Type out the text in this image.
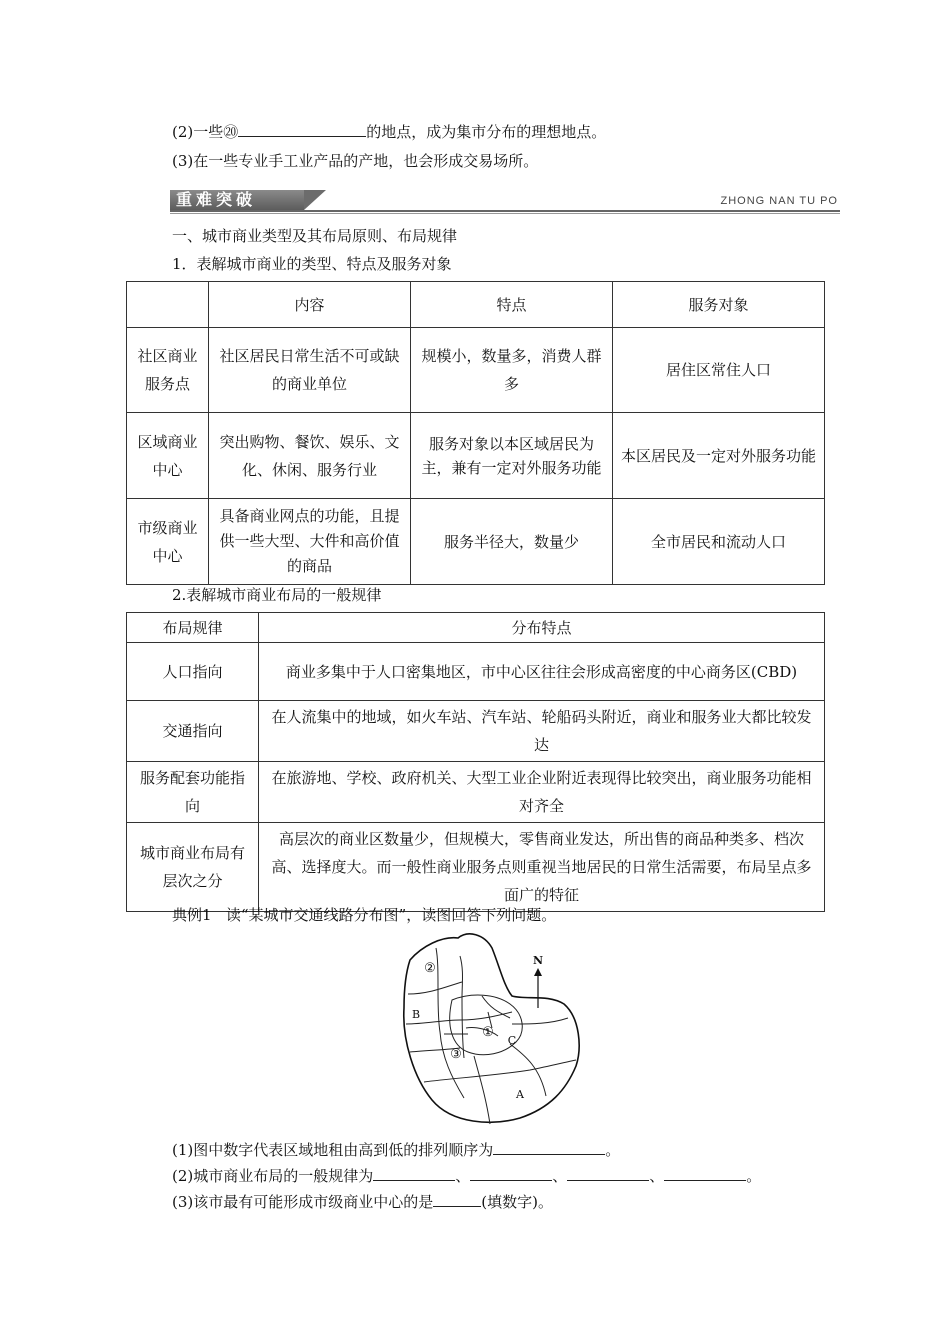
(2)一些⑳	的地点，成为集市分布的理想地点。
(3)在一些专业手工业产品的产地，也会形成交易场所。
重难突破	ZHONG NAN TU PO
一、城市商业类型及其布局原则、布局规律
1．表解城市商业的类型、特点及服务对象
	内容	特点	服务对象
社区商业服务点	社区居民日常生活不可或缺的商业单位	规模小，数量多，消费人群多	居住区常住人口
区域商业中心	突出购物、餐饮、娱乐、文化、休闲、服务行业	服务对象以本区域居民为主，兼有一定对外服务功能	本区居民及一定对外服务功能
市级商业中心	具备商业网点的功能，且提供一些大型、大件和高价值的商品	服务半径大，数量少	全市居民和流动人口
2.表解城市商业布局的一般规律
布局规律	分布特点
人口指向	商业多集中于人口密集地区，市中心区往往会形成高密度的中心商务区(CBD)
交通指向	在人流集中的地域，如火车站、汽车站、轮船码头附近，商业和服务业大都比较发达
服务配套功能指向	在旅游地、学校、政府机关、大型工业企业附近表现得比较突出，商业服务功能相对齐全
城市商业布局有层次之分	高层次的商业区数量少，但规模大，零售商业发达，所出售的商品种类多、档次高、选择度大。而一般性商业服务点则重视当地居民的日常生活需要，布局呈点多面广的特征
典例1 读“某城市交通线路分布图”，读图回答下列问题。
②
①
③
B
C
A
N
(1)图中数字代表区域地租由高到低的排列顺序为	。
(2)城市商业布局的一般规律为	、	、	、	。
(3)该市最有可能形成市级商业中心的是	(填数字)。
